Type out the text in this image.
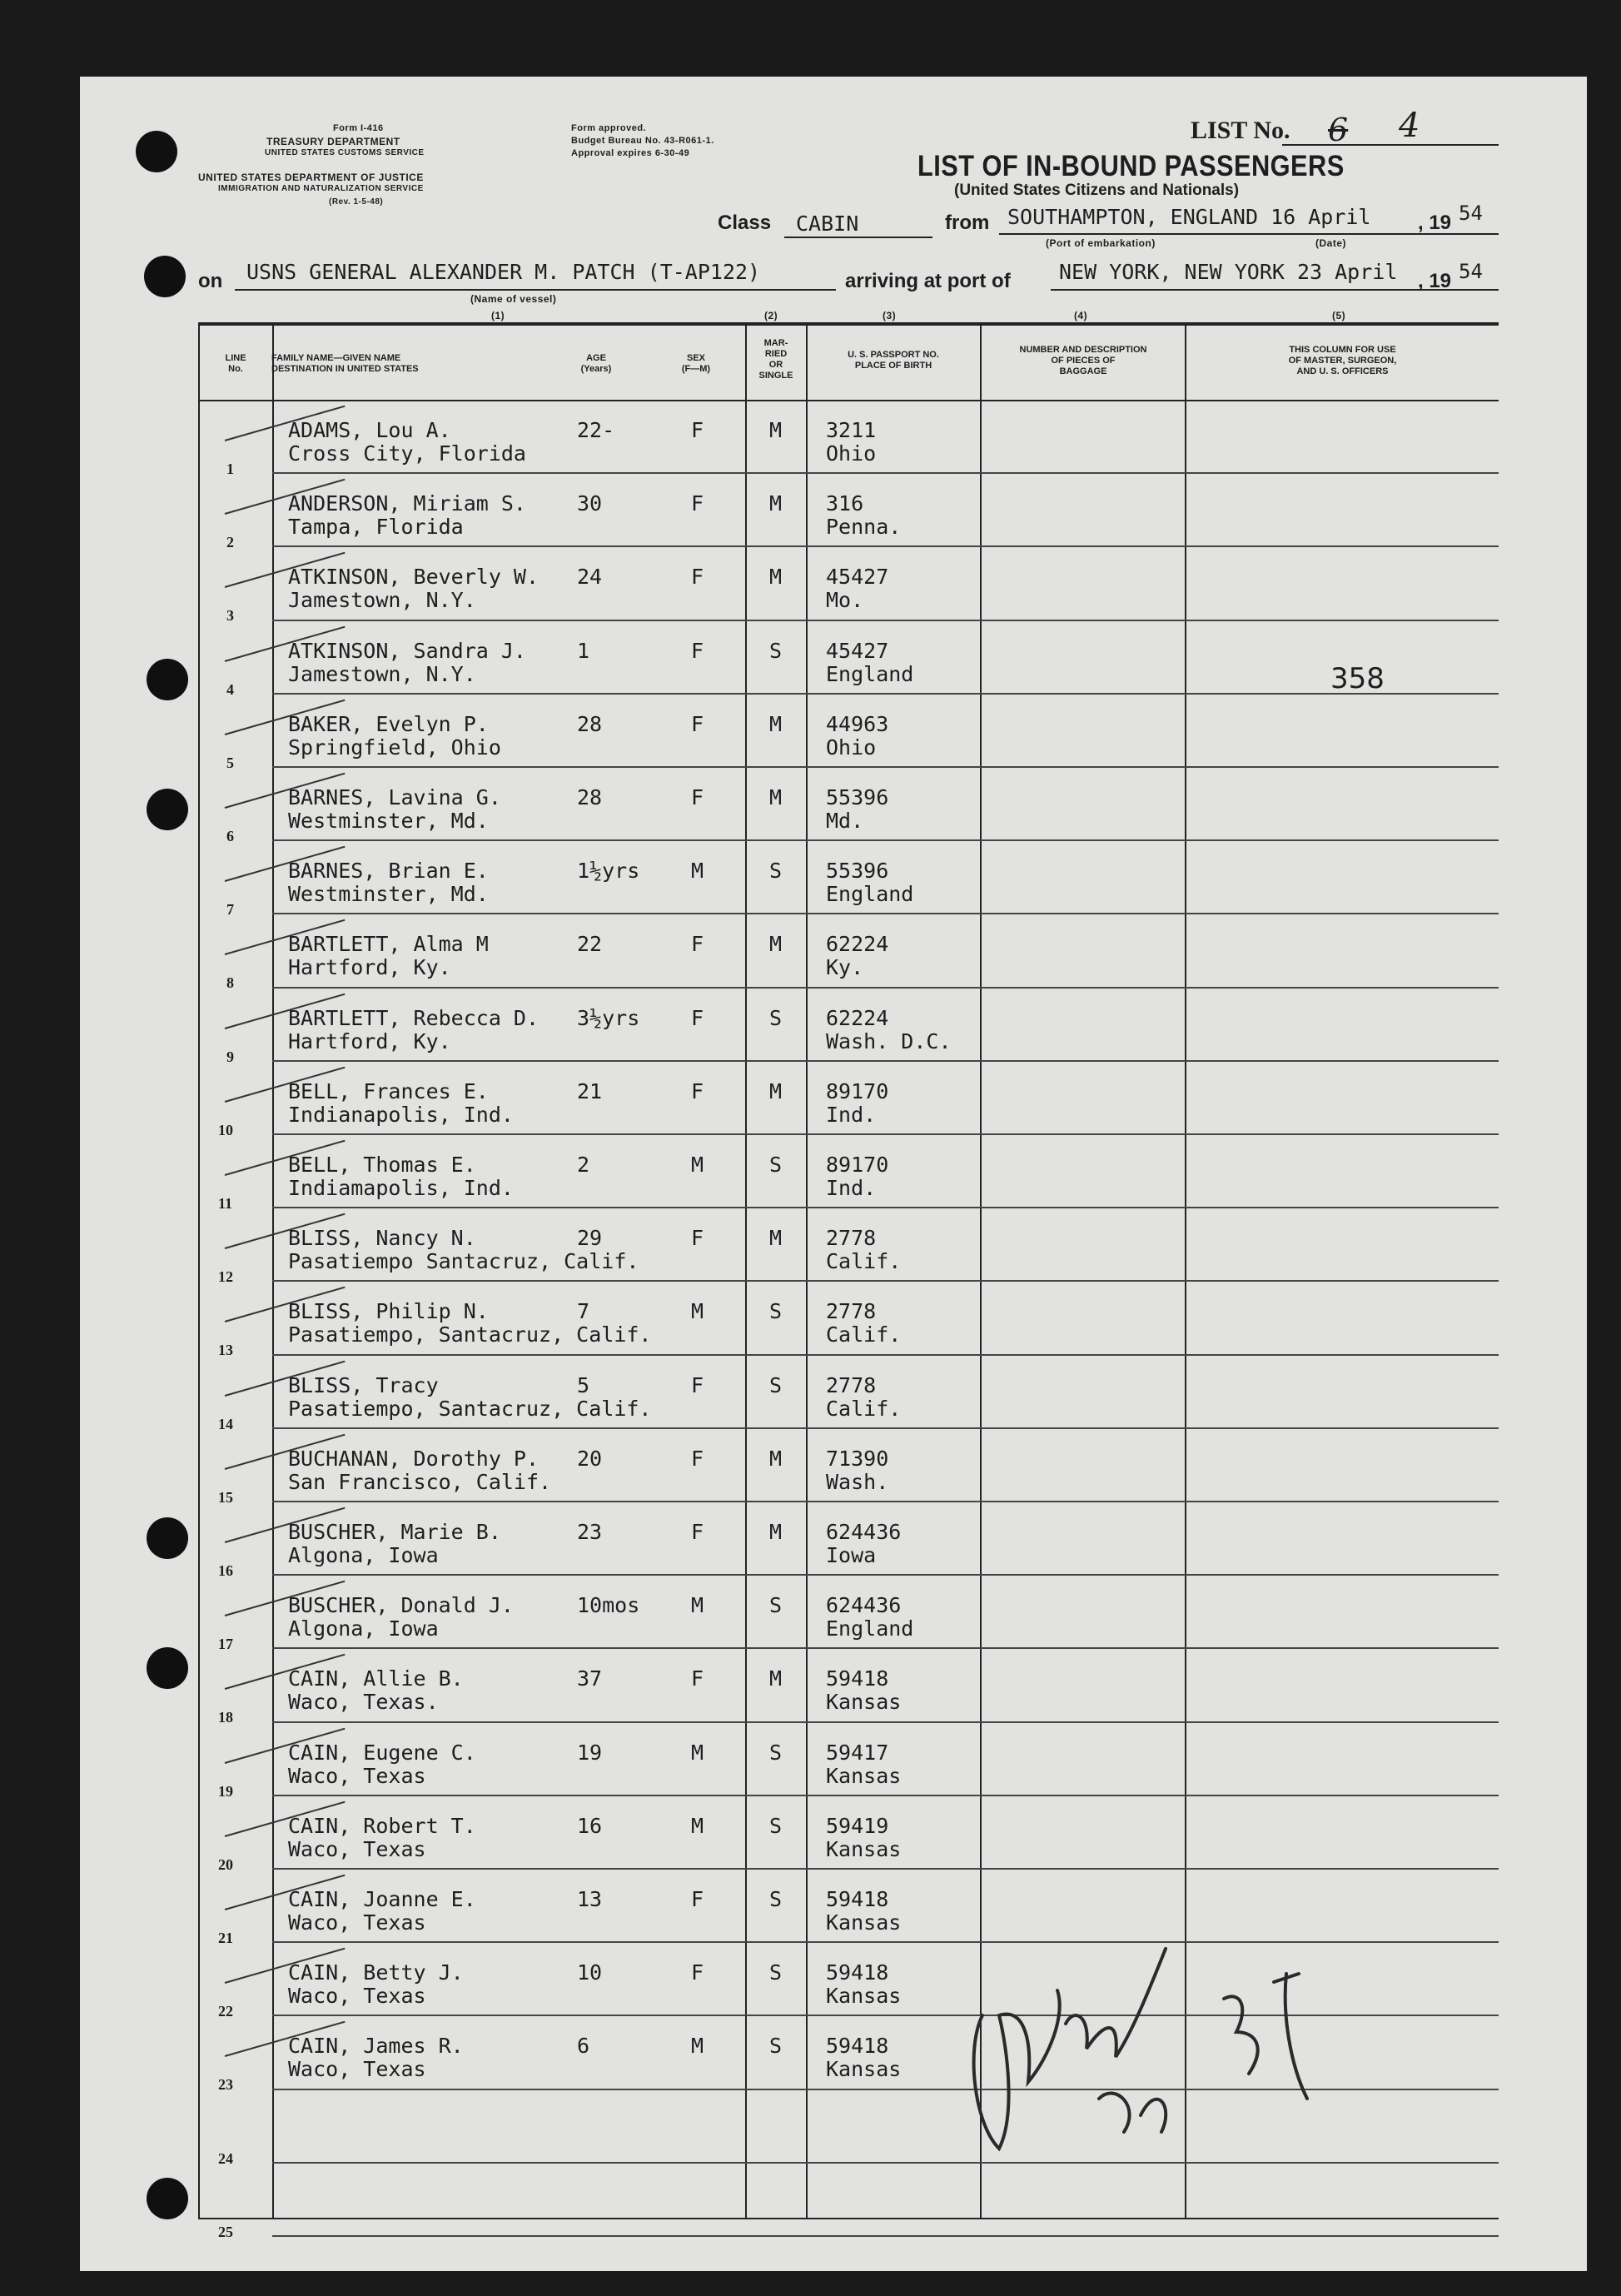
Form I-416
TREASURY DEPARTMENT
UNITED STATES CUSTOMS SERVICE
UNITED STATES DEPARTMENT OF JUSTICE
IMMIGRATION AND NATURALIZATION SERVICE
(Rev. 1-5-48)
Form approved.
Budget Bureau No. 43-R061-1.
Approval expires 6-30-49
LIST No. 6 4
LIST OF IN-BOUND PASSENGERS
(United States Citizens and Nationals)
Class CABIN	from SOUTHAMPTON, ENGLAND 16 April , 19 54
(Port of embarkation)	(Date)
on USNS GENERAL ALEXANDER M. PATCH (T-AP122)	arriving at port of NEW YORK, NEW YORK 23 April , 19 54
(Name of vessel)
(1)	(2)	(3)	(4)	(5)
LINE
No.
FAMILY NAME—GIVEN NAME
DESTINATION IN UNITED STATES
AGE
(Years)
SEX
(F—M)
MAR-
RIED
OR
SINGLE
U. S. PASSPORT NO.
PLACE OF BIRTH
NUMBER AND DESCRIPTION
OF PIECES OF
BAGGAGE
THIS COLUMN FOR USE
OF MASTER, SURGEON,
AND U. S. OFFICERS
1
ADAMS, Lou A.
Cross City, Florida
22-	F	M 3211
Ohio
2
ANDERSON, Miriam S.
Tampa, Florida
30	F	M 316
Penna.
3
ATKINSON, Beverly W.
Jamestown, N.Y.
24	F	M 45427
Mo.
4
ATKINSON, Sandra J.
Jamestown, N.Y.
1	F	S 45427
England
5
BAKER, Evelyn P.
Springfield, Ohio
28	F	M 44963
Ohio
6
BARNES, Lavina G.
Westminster, Md.
28	F	M 55396
Md.
7
BARNES, Brian E.
Westminster, Md.
1½yrs M	S 55396
England
8
BARTLETT, Alma M
Hartford, Ky.
22	F	M 62224
Ky.
9
BARTLETT, Rebecca D.
Hartford, Ky.
3½yrs F	S 62224
Wash. D.C.
10
BELL, Frances E.
Indianapolis, Ind.
21	F	M 89170
Ind.
11
BELL, Thomas E.
Indiamapolis, Ind.
2	M	S 89170
Ind.
12
BLISS, Nancy N.
Pasatiempo Santacruz, Calif.
29	F	M 2778
Calif.
13
BLISS, Philip N.
Pasatiempo, Santacruz, Calif.
7	M	S 2778
Calif.
14
BLISS, Tracy
Pasatiempo, Santacruz, Calif.
5	F	S 2778
Calif.
15
BUCHANAN, Dorothy P.
San Francisco, Calif.
20	F	M 71390
Wash.
16
BUSCHER, Marie B.
Algona, Iowa
23	F	M 624436
Iowa
17
BUSCHER, Donald J.
Algona, Iowa
10mos M	S 624436
England
18
CAIN, Allie B.
Waco, Texas.
37	F	M 59418
Kansas
19
CAIN, Eugene C.
Waco, Texas
19	M	S 59417
Kansas
20
CAIN, Robert T.
Waco, Texas
16	M	S 59419
Kansas
21
CAIN, Joanne E.
Waco, Texas
13	F	S 59418
Kansas
22
CAIN, Betty J.
Waco, Texas
10	F	S 59418
Kansas
23
CAIN, James R.
Waco, Texas
6	M	S 59418
Kansas
24
25
358
